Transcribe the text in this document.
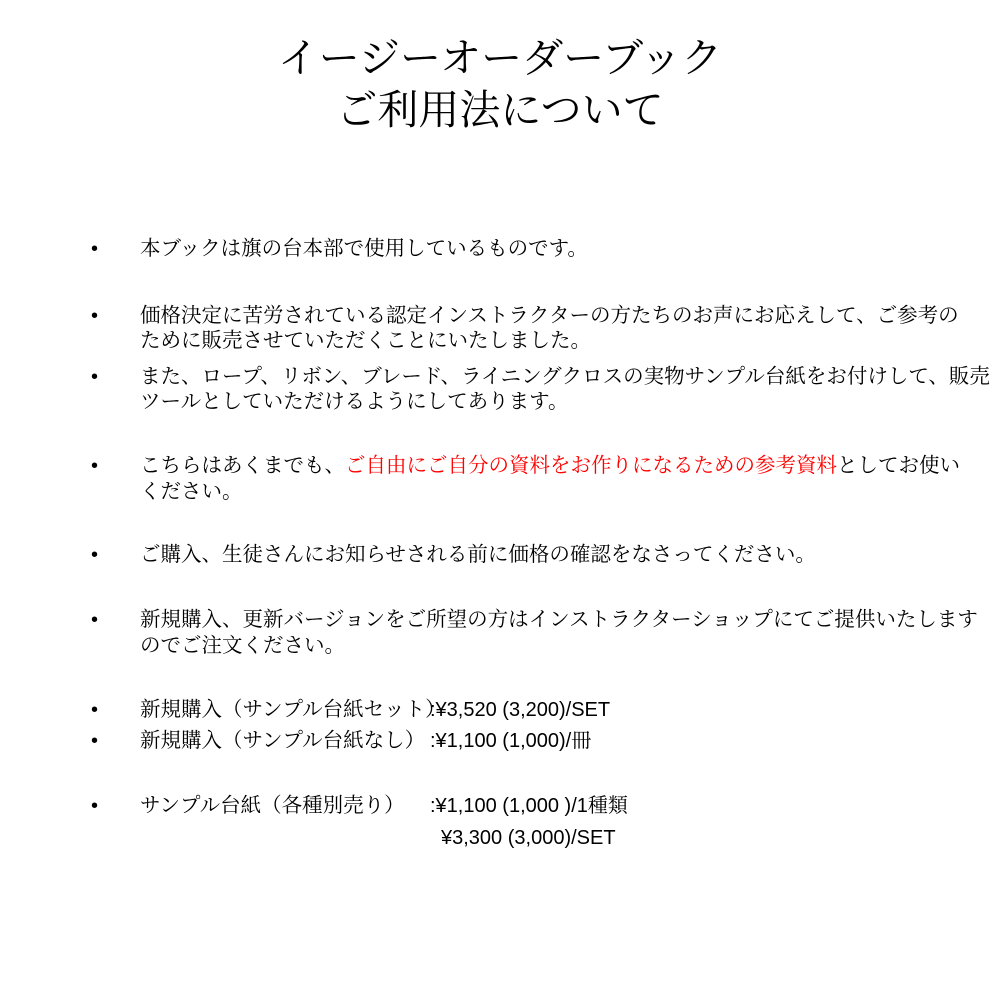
イージーオーダーブック
ご利用法について
• 本ブックは旗の台本部で使用しているものです。
• 価格決定に苦労されている認定インストラクターの方たちのお声にお応えして、ご参考の
ために販売させていただくことにいたしました。
• また、ロープ、リボン、ブレード、ライニングクロスの実物サンプル台紙をお付けして、販売
ツールとしていただけるようにしてあります。
• こちらはあくまでも、ご自由にご自分の資料をお作りになるための参考資料としてお使い
ください。
• ご購入、生徒さんにお知らせされる前に価格の確認をなさってください。
• 新規購入、更新バージョンをご所望の方はインストラクターショップにてご提供いたします
のでご注文ください。
• 新規購入（サンプル台紙セット）
:¥3,520 (3,200)/SET
• 新規購入（サンプル台紙なし） :¥1,100 (1,000)/冊
• サンプル台紙（各種別売り） :¥1,100 (1,000 )/1種類
¥3,300 (3,000)/SET
